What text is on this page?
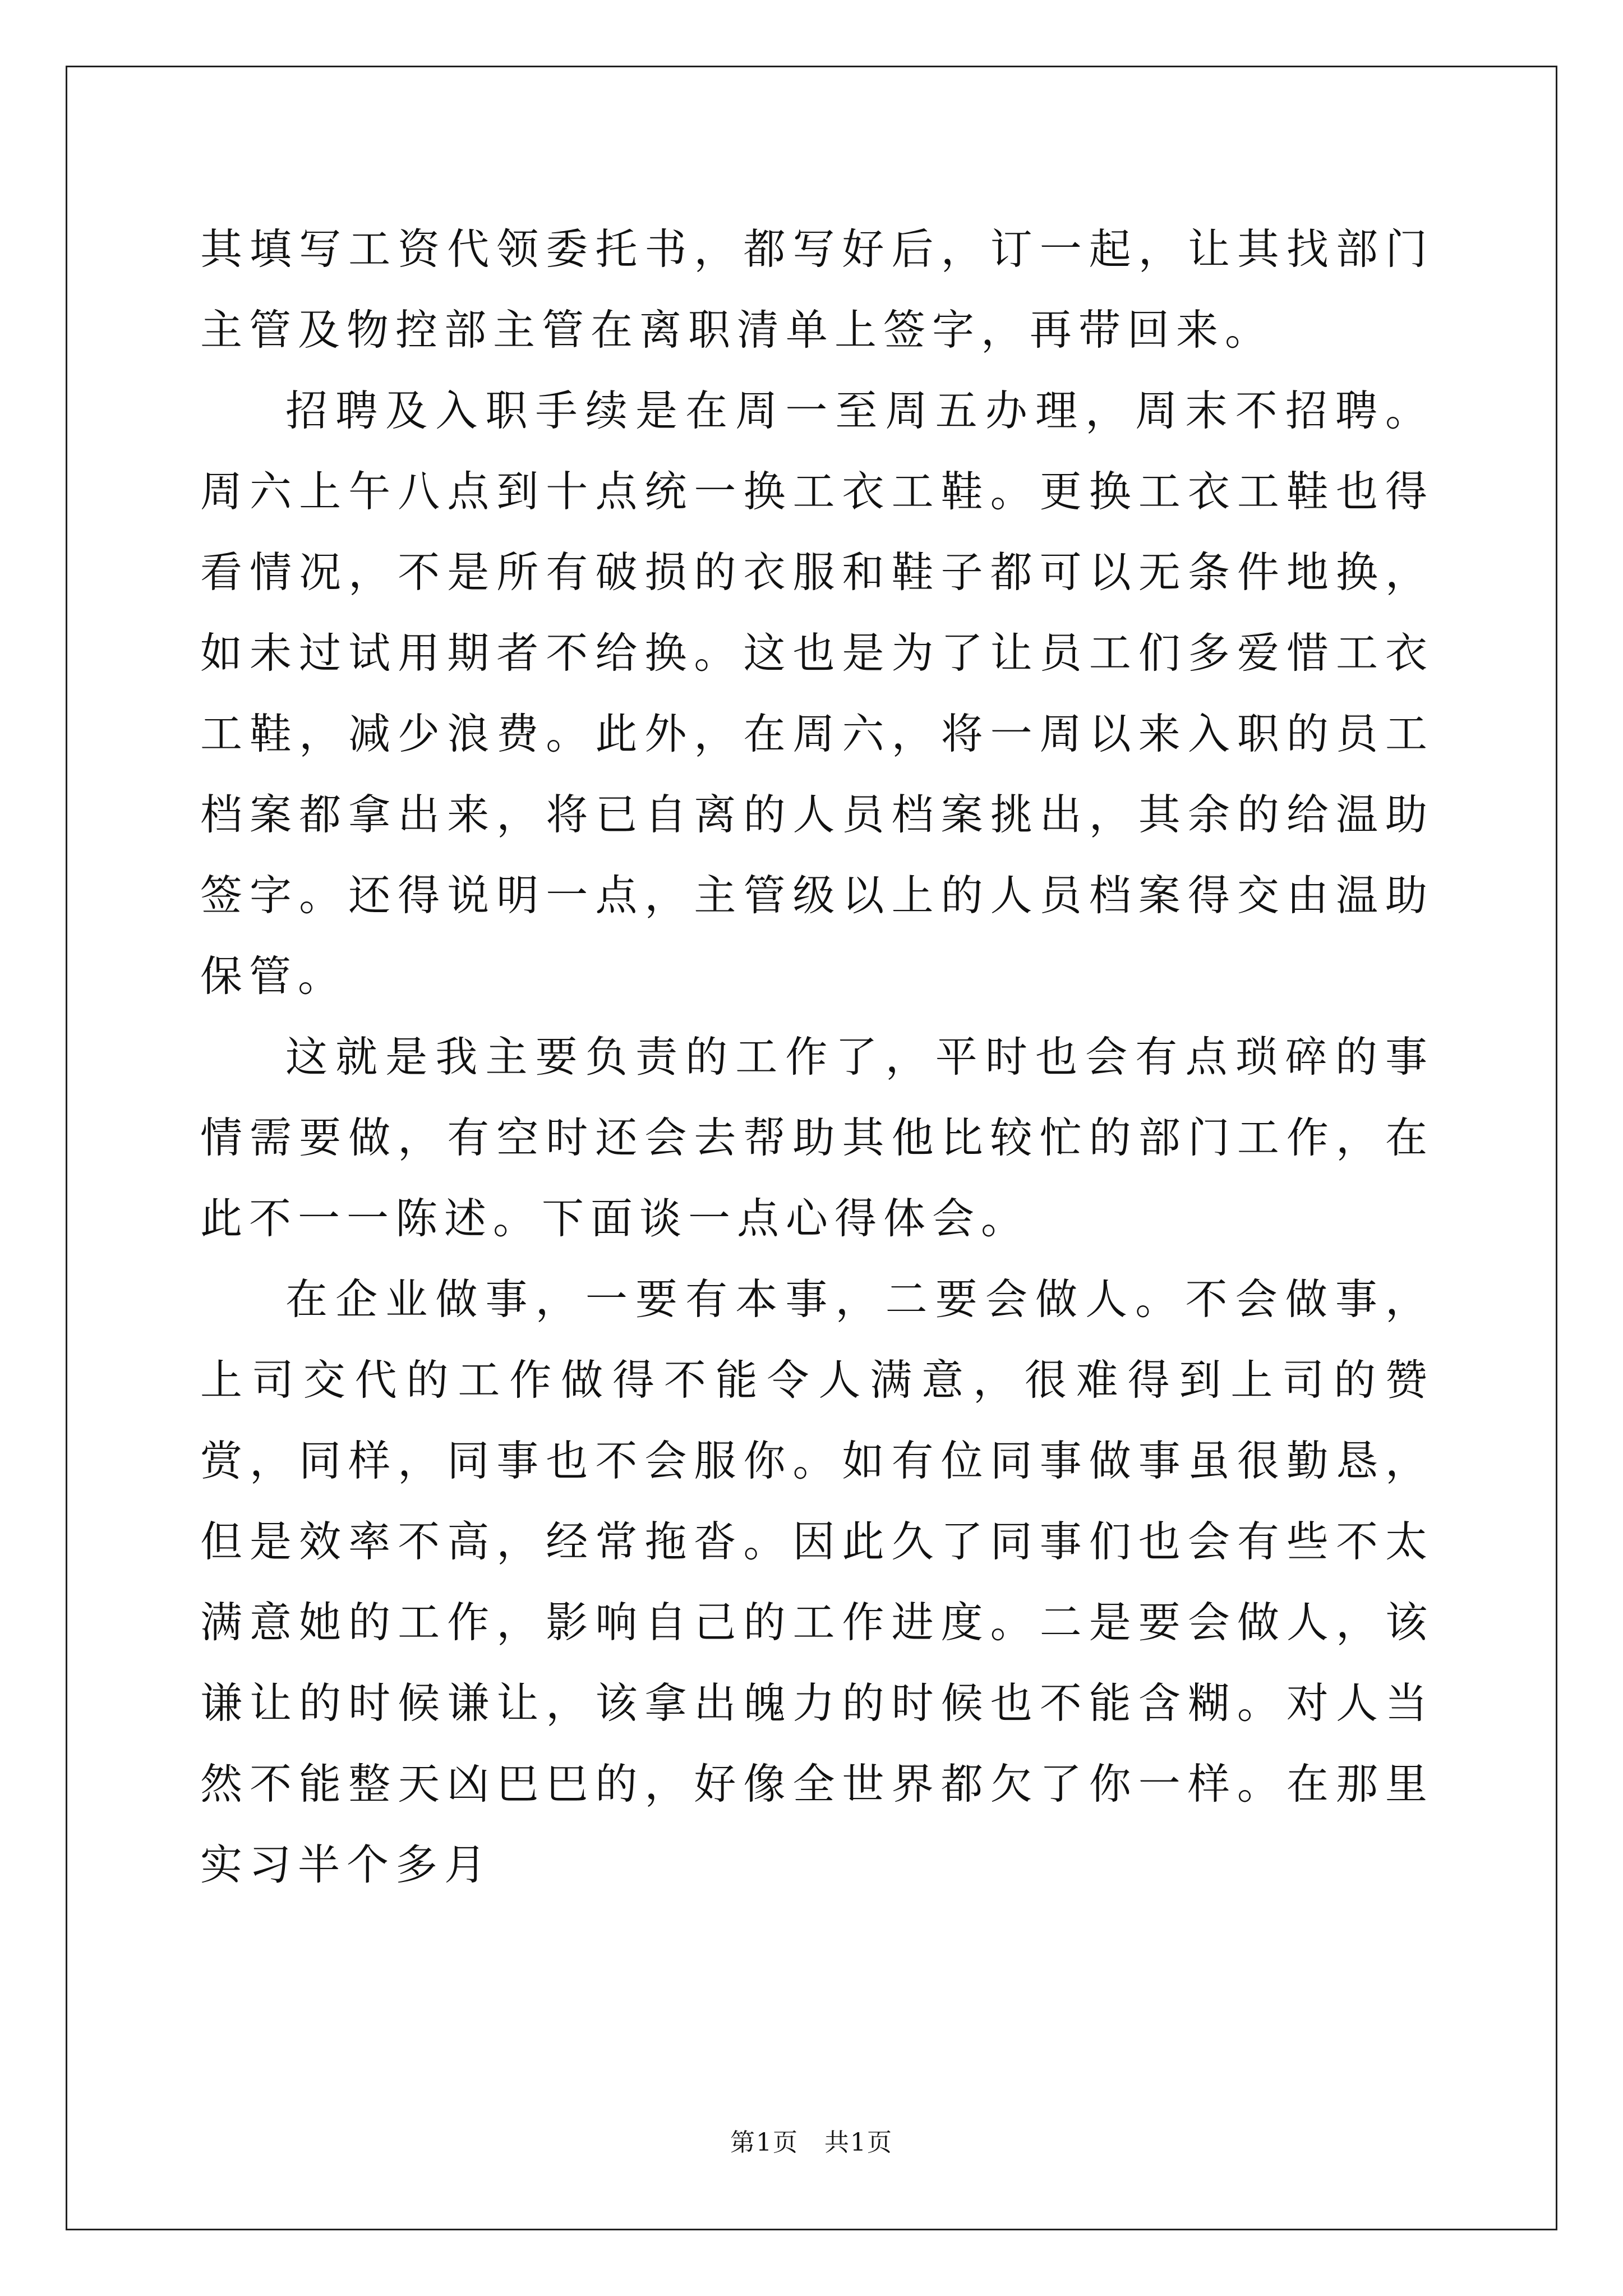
其填写工资代领委托书，都写好后，订一起，让其找部门主管及物控部主管在离职清单上签字，再带回来。

招聘及入职手续是在周一至周五办理，周末不招聘。周六上午八点到十点统一换工衣工鞋。更换工衣工鞋也得看情况，不是所有破损的衣服和鞋子都可以无条件地换，如未过试用期者不给换。这也是为了让员工们多爱惜工衣工鞋，减少浪费。此外，在周六，将一周以来入职的员工档案都拿出来，将已自离的人员档案挑出，其余的给温助签字。还得说明一点，主管级以上的人员档案得交由温助保管。

这就是我主要负责的工作了，平时也会有点琐碎的事情需要做，有空时还会去帮助其他比较忙的部门工作，在此不一一陈述。下面谈一点心得体会。

在企业做事，一要有本事，二要会做人。不会做事，上司交代的工作做得不能令人满意，很难得到上司的赞赏，同样，同事也不会服你。如有位同事做事虽很勤恳，但是效率不高，经常拖沓。因此久了同事们也会有些不太满意她的工作，影响自己的工作进度。二是要会做人，该谦让的时候谦让，该拿出魄力的时候也不能含糊。对人当然不能整天凶巴巴的，好像全世界都欠了你一样。在那里实习半个多月

第1页　共1页
